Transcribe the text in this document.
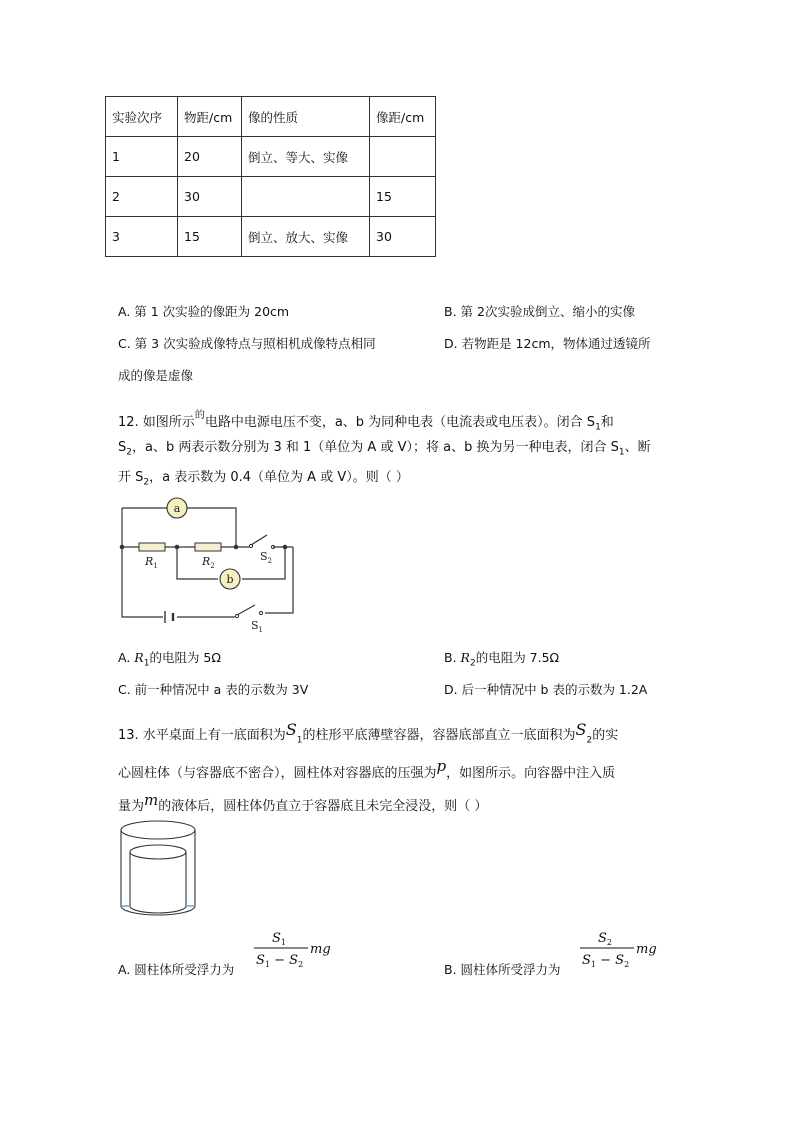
实验次序	物距/cm	像的性质	像距/cm
1	20	倒立、等大、实像	
2	30		15
3	15	倒立、放大、实像	30
A. 第 1 次实验的像距为 20cm	B. 第 2次实验成倒立、缩小的实像
C. 第 3 次实验成像特点与照相机成像特点相同	D. 若物距是 12cm，物体通过透镜所
成的像是虚像
12. 如图所示$^的$电路中电源电压不变，a、b 为同种电表（电流表或电压表）。闭合 $S_1$和
$S_2$，a、b 两表示数分别为 3 和 1（单位为 A 或 V）；将 a、b 换为另一种电表，闭合 $S_1$、断
开 $S_2$，a 表示数为 0.4（单位为 A 或 V）。则（ ）
a
b
$R_1$	$R_2$
$S_2$
$S_1$
A. $R_1$的电阻为 5Ω	B. $R_2$的电阻为 7.5Ω
C. 前一种情况中 a 表的示数为 3V	D. 后一种情况中 b 表的示数为 1.2A
13. 水平桌面上有一底面积为$S_1$的柱形平底薄壁容器，容器底部直立一底面积为$S_2$的实
心圆柱体（与容器底不密合），圆柱体对容器底的压强为p，如图所示。向容器中注入质
量为m的液体后，圆柱体仍直立于容器底且未完全浸没，则（ ）
A. 圆柱体所受浮力为
$S_1$
$S_1 - S_2$
mg
B. 圆柱体所受浮力为
$S_2$
$S_1 - S_2$
mg
